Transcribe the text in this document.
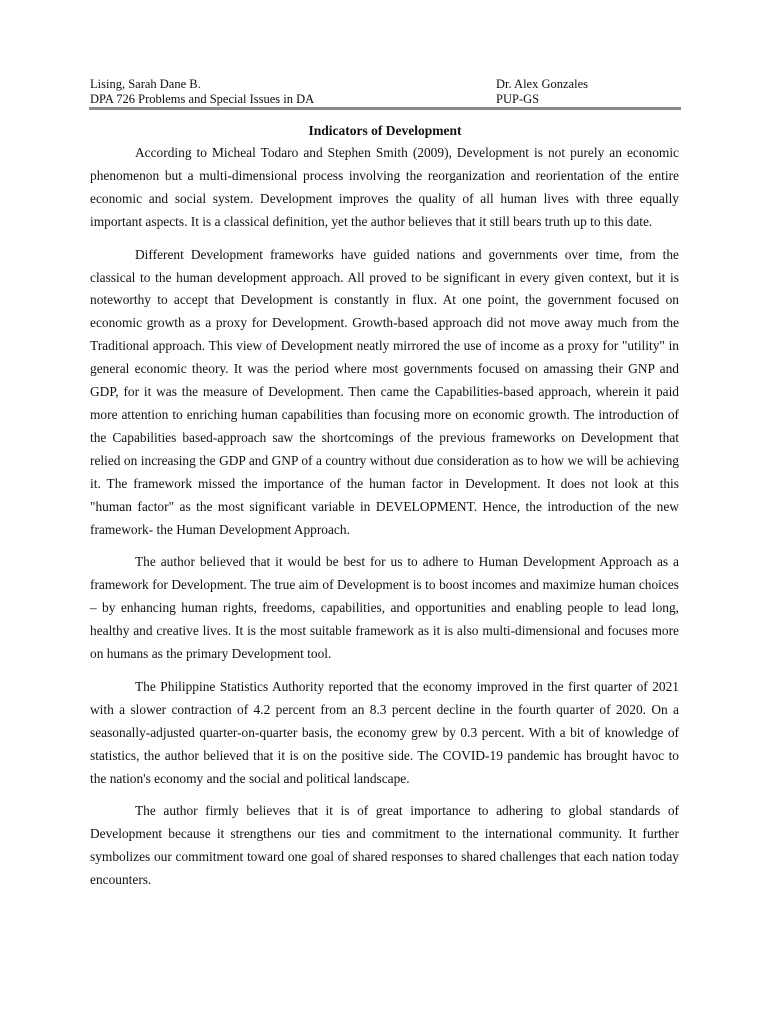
Lising, Sarah Dane B.
DPA 726 Problems and Special Issues in DA
Dr. Alex Gonzales
PUP-GS
Indicators of Development

According to Micheal Todaro and Stephen Smith (2009), Development is not purely an economic phenomenon but a multi-dimensional process involving the reorganization and reorientation of the entire economic and social system. Development improves the quality of all human lives with three equally important aspects. It is a classical definition, yet the author believes that it still bears truth up to this date.

Different Development frameworks have guided nations and governments over time, from the classical to the human development approach. All proved to be significant in every given context, but it is noteworthy to accept that Development is constantly in flux. At one point, the government focused on economic growth as a proxy for Development. Growth-based approach did not move away much from the Traditional approach. This view of Development neatly mirrored the use of income as a proxy for "utility" in general economic theory. It was the period where most governments focused on amassing their GNP and GDP, for it was the measure of Development. Then came the Capabilities-based approach, wherein it paid more attention to enriching human capabilities than focusing more on economic growth. The introduction of the Capabilities based-approach saw the shortcomings of the previous frameworks on Development that relied on increasing the GDP and GNP of a country without due consideration as to how we will be achieving it. The framework missed the importance of the human factor in Development. It does not look at this "human factor" as the most significant variable in DEVELOPMENT. Hence, the introduction of the new framework- the Human Development Approach.

The author believed that it would be best for us to adhere to Human Development Approach as a framework for Development. The true aim of Development is to boost incomes and maximize human choices – by enhancing human rights, freedoms, capabilities, and opportunities and enabling people to lead long, healthy and creative lives. It is the most suitable framework as it is also multi-dimensional and focuses more on humans as the primary Development tool.

The Philippine Statistics Authority reported that the economy improved in the first quarter of 2021 with a slower contraction of 4.2 percent from an 8.3 percent decline in the fourth quarter of 2020. On a seasonally-adjusted quarter-on-quarter basis, the economy grew by 0.3 percent. With a bit of knowledge of statistics, the author believed that it is on the positive side. The COVID-19 pandemic has brought havoc to the nation's economy and the social and political landscape.

The author firmly believes that it is of great importance to adhering to global standards of Development because it strengthens our ties and commitment to the international community. It further symbolizes our commitment toward one goal of shared responses to shared challenges that each nation today encounters.
